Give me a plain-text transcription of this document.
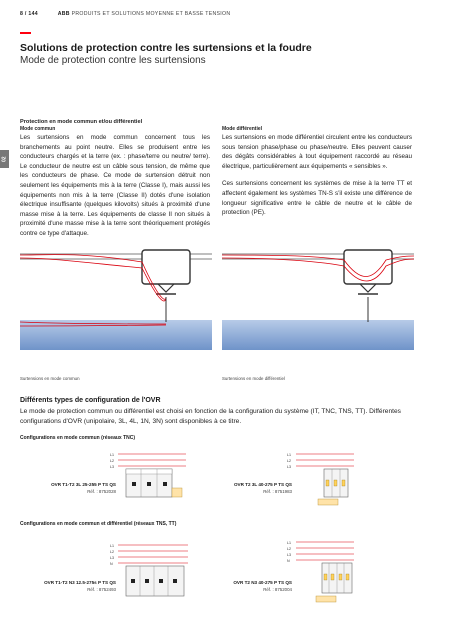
8 / 144	ABB PRODUITS ET SOLUTIONS MOYENNE ET BASSE TENSION
Solutions de protection contre les surtensions et la foudre
Mode de protection contre les surtensions
02
Protection en mode commun et/ou différentiel
Mode commun

Les surtensions en mode commun concernent tous les branchements au point neutre. Elles se produisent entre les conducteurs chargés et la terre (ex. : phase/terre ou neutre/ terre). Le conducteur de neutre est un câble sous tension, de même que les conducteurs de phase. Ce mode de surtension détruit non seulement les équipements mis à la terre (Classe I), mais aussi les équipements non mis à la terre (Classe II) dotés d'une isolation électrique insuffisante (quelques kilovolts) situés à proximité d'une masse mise à la terre. Les équipements de classe II non situés à proximité d'une masse mise à la terre sont théoriquement protégés contre ce type d'attaque.

Mode différentiel

Les surtensions en mode différentiel circulent entre les conducteurs sous tension phase/phase ou phase/neutre. Elles peuvent causer des dégâts considérables à tout équipement raccordé au réseau électrique, particulièrement aux équipements « sensibles ».

Ces surtensions concernent les systèmes de mise à la terre TT et affectent également les systèmes TN-S s'il existe une différence de longueur significative entre le câble de neutre et le câble de protection (PE).

Surtensions en mode commun	Surtensions en mode différentiel
Différents types de configuration de l'OVR
Le mode de protection commun ou différentiel est choisi en fonction de la configuration du système (IT, TNC, TNS, TT). Différentes configurations d'OVR (unipolaire, 3L, 4L, 1N, 3N) sont disponibles à ce titre.
Configurations en mode commun (réseaux TNC)
Configurations en mode commun et différentiel (réseaux TNS, TT)
L1
L2
L3
OVR T1-T2 3L 25-255 P TS QS
Réf. : 8752028
L1
L2
L3
OVR T2 3L 40-275 P TS QS
Réf. : 8751983
L1
L2
L3
N
OVR T1-T2 N3 12.5-275s P TS QS
Réf. : 8752493
L1
L2
L3
N
OVR T2 N3 40-275 P TS QS
Réf. : 8752004
